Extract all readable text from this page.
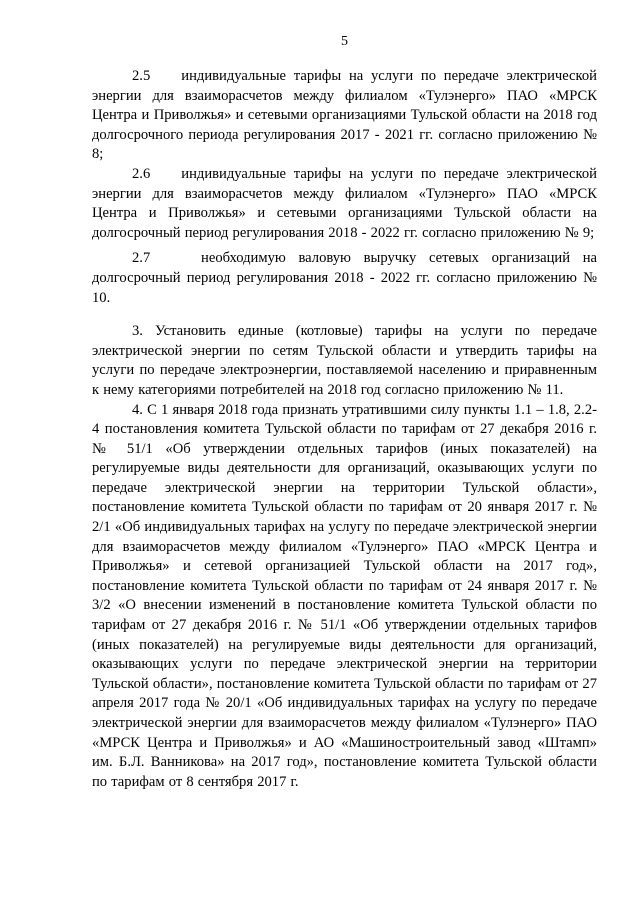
5

2.5    индивидуальные тарифы на услуги по передаче электрической энергии для взаиморасчетов между филиалом «Тулэнерго» ПАО «МРСК Центра и Приволжья» и сетевыми организациями Тульской области на 2018 год долгосрочного периода регулирования 2017 - 2021 гг. согласно приложению № 8;

2.6    индивидуальные тарифы на услуги по передаче электрической энергии для взаиморасчетов между филиалом «Тулэнерго» ПАО «МРСК Центра и Приволжья» и сетевыми организациями Тульской области на долгосрочный период регулирования 2018 - 2022 гг. согласно приложению № 9;

2.7    необходимую валовую выручку сетевых организаций на долгосрочный период регулирования 2018 - 2022 гг. согласно приложению № 10.

3. Установить единые (котловые) тарифы на услуги по передаче электрической энергии по сетям Тульской области и утвердить тарифы на услуги по передаче электроэнергии, поставляемой населению и приравненным к нему категориями потребителей на 2018 год согласно приложению № 11.

4. С 1 января 2018 года признать утратившими силу пункты 1.1 – 1.8, 2.2-4 постановления комитета Тульской области по тарифам от 27 декабря 2016 г. № 51/1 «Об утверждении отдельных тарифов (иных показателей) на регулируемые виды деятельности для организаций, оказывающих услуги по передаче электрической энергии на территории Тульской области», постановление комитета Тульской области по тарифам от 20 января 2017 г. № 2/1 «Об индивидуальных тарифах на услугу по передаче электрической энергии для взаиморасчетов между филиалом «Тулэнерго» ПАО «МРСК Центра и Приволжья» и сетевой организацией Тульской области на 2017 год», постановление комитета Тульской области по тарифам от 24 января 2017 г. № 3/2 «О внесении изменений в постановление комитета Тульской области по тарифам от 27 декабря 2016 г. № 51/1 «Об утверждении отдельных тарифов (иных показателей) на регулируемые виды деятельности для организаций, оказывающих услуги по передаче электрической энергии на территории Тульской области», постановление комитета Тульской области по тарифам от 27 апреля 2017 года № 20/1 «Об индивидуальных тарифах на услугу по передаче электрической энергии для взаиморасчетов между филиалом «Тулэнерго» ПАО «МРСК Центра и Приволжья» и АО «Машиностроительный завод «Штамп» им. Б.Л. Ванникова» на 2017 год», постановление комитета Тульской области по тарифам от 8 сентября 2017 г.
